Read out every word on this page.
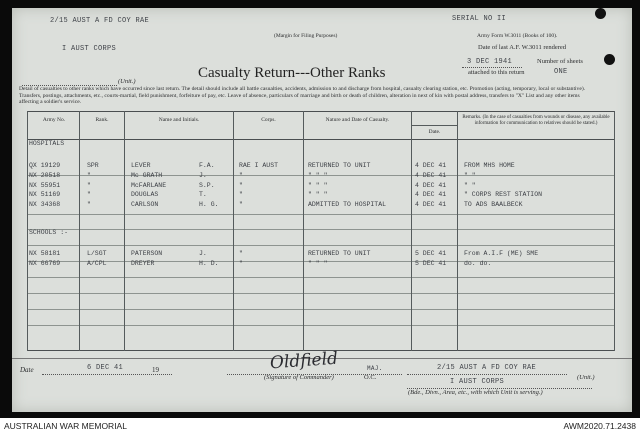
2/15 AUST A FD COY RAE
I AUST CORPS
(Margin for Filing Purposes)
SERIAL NO II
Army Form W.3011 (Books of 100).
Date of last A.F. W.3011 rendered
3 DEC 1941	Number of sheets
attached to this return	ONE
(Unit.)
Casualty Return---Other Ranks
Detail of casualties to other ranks which have occurred since last return. The detail should include all battle casualties, accidents, admission to and discharge from hospital, casualty clearing station, etc. Promotion (acting, temporary, local or substantive). Transfers, postings, attachments, etc., courts-martial, field punishment, forfeiture of pay, etc. Leave of absence, particulars of marriage and birth or death of children, alteration in next of kin with postal address, transfers to "X" List and any other items affecting a soldier's service.
Army No.	Rank.	Name and Initials.	Corps.	Nature and Date of Casualty.
Date.
Remarks. (In the case of casualties from wounds or disease, any available information for communication to relatives should be stated.)
HOSPITALS
SCHOOLS :-
QX 19129	SPR	LEVER	F.A.	RAE I AUST	RETURNED TO UNIT	4 DEC 41	FROM MHS HOME
NX 20518	"	Mc GRATH	J.	"	" " "	4 DEC 41	" "
NX 55951	"	McFARLANE	S.P.	"	" " "	4 DEC 41	" "
NX 51169	"	DOUGLAS	T.	"	" " "	4 DEC 41	" CORPS REST STATION
NX 34368	"	CARLSON	H. G.	"	ADMITTED TO HOSPITAL	4 DEC 41	TO ADS BAALBECK
NX 58181	L/SGT	PATERSON	J.	"	RETURNED TO UNIT	5 DEC 41	From A.I.F (ME) SME
NX 66769	A/CPL	DREYER	H. D.	"	" " "	5 DEC 41	do. do.
Date	6 DEC 41	19	Oldfield	MAJ.
(Signature of Commander)	O.C.
2/15 AUST A FD COY RAE
(Unit.)
I AUST CORPS
(Bde., Divn., Area, etc., with which Unit is serving.)
AUSTRALIAN WAR MEMORIAL	AWM2020.71.2438
